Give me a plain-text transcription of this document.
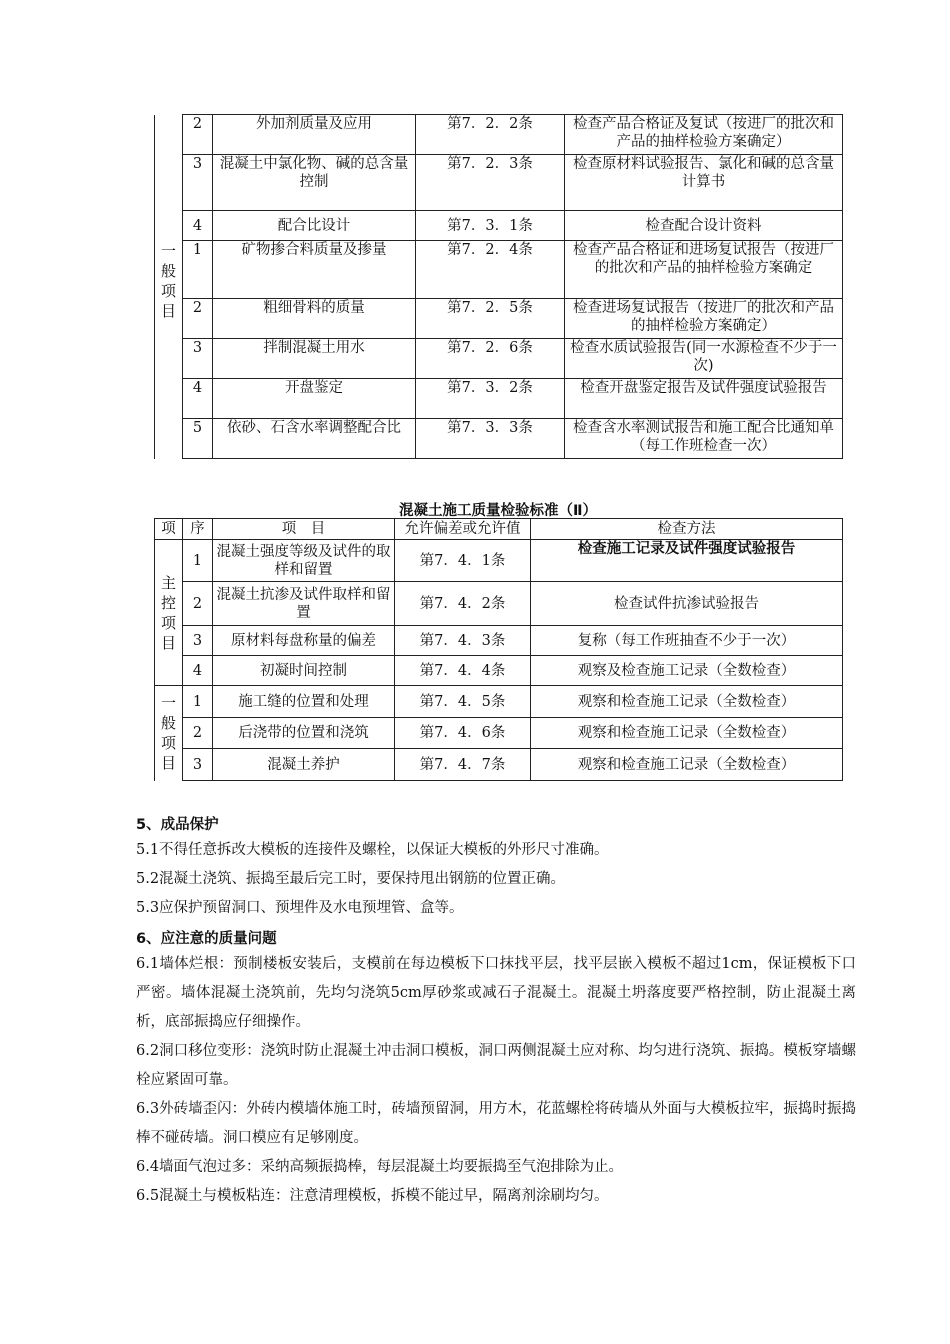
	2	外加剂质量及应用	第7．2．2条	检查产品合格证及复试（按进厂的批次和产品的抽样检验方案确定）
	3	混凝土中氯化物、碱的总含量控制	第7．2．3条	检查原材料试验报告、氯化和碱的总含量计算书
	4	配合比设计	第7．3．1条	检查配合设计资料

一般项目	1	矿物掺合料质量及掺量	第7．2．4条	检查产品合格证和进场复试报告（按进厂的批次和产品的抽样检验方案确定
	2	粗细骨料的质量	第7．2．5条	检查进场复试报告（按进厂的批次和产品的抽样检验方案确定）
	3	拌制混凝土用水	第7．2．6条	检查水质试验报告(同一水源检查不少于一次)
	4	开盘鉴定	第7．3．2条	检查开盘鉴定报告及试件强度试验报告
	5	依砂、石含水率调整配合比	第7．3．3条	检查含水率测试报告和施工配合比通知单（每工作班检查一次）
混凝土施工质量检验标准（Ⅱ）
项	序	项　目	允许偏差或允许值	检查方法

主控项目	1	混凝土强度等级及试件的取样和留置	第7．4．1条	检查施工记录及试件强度试验报告
	2	混凝土抗渗及试件取样和留置	第7．4．2条	检查试件抗渗试验报告
	3	原材料每盘称量的偏差	第7．4．3条	复称（每工作班抽查不少于一次）
	4	初凝时间控制	第7．4．4条	观察及检查施工记录（全数检查）

一般项目	1	施工缝的位置和处理	第7．4．5条	观察和检查施工记录（全数检查）
	2	后浇带的位置和浇筑	第7．4．6条	观察和检查施工记录（全数检查）
	3	混凝土养护	第7．4．7条	观察和检查施工记录（全数检查）
5、成品保护
5.1不得任意拆改大模板的连接件及螺栓，以保证大模板的外形尺寸准确。
5.2混凝土浇筑、振捣至最后完工时，要保持甩出钢筋的位置正确。
5.3应保护预留洞口、预埋件及水电预埋管、盒等。
6、应注意的质量问题
6.1墙体烂根：预制楼板安装后，支模前在每边模板下口抹找平层，找平层嵌入模板不超过1cm，保证模板下口严密。墙体混凝土浇筑前，先均匀浇筑5cm厚砂浆或减石子混凝土。混凝土坍落度要严格控制，防止混凝土离析，底部振捣应仔细操作。
6.2洞口移位变形：浇筑时防止混凝土冲击洞口模板，洞口两侧混凝土应对称、均匀进行浇筑、振捣。模板穿墙螺栓应紧固可靠。
6.3外砖墙歪闪：外砖内模墙体施工时，砖墙预留洞，用方木，花蓝螺栓将砖墙从外面与大模板拉牢，振捣时振捣棒不碰砖墙。洞口模应有足够刚度。
6.4墙面气泡过多：采纳高频振捣棒，每层混凝土均要振捣至气泡排除为止。
6.5混凝土与模板粘连：注意清理模板，拆模不能过早，隔离剂涂刷均匀。
